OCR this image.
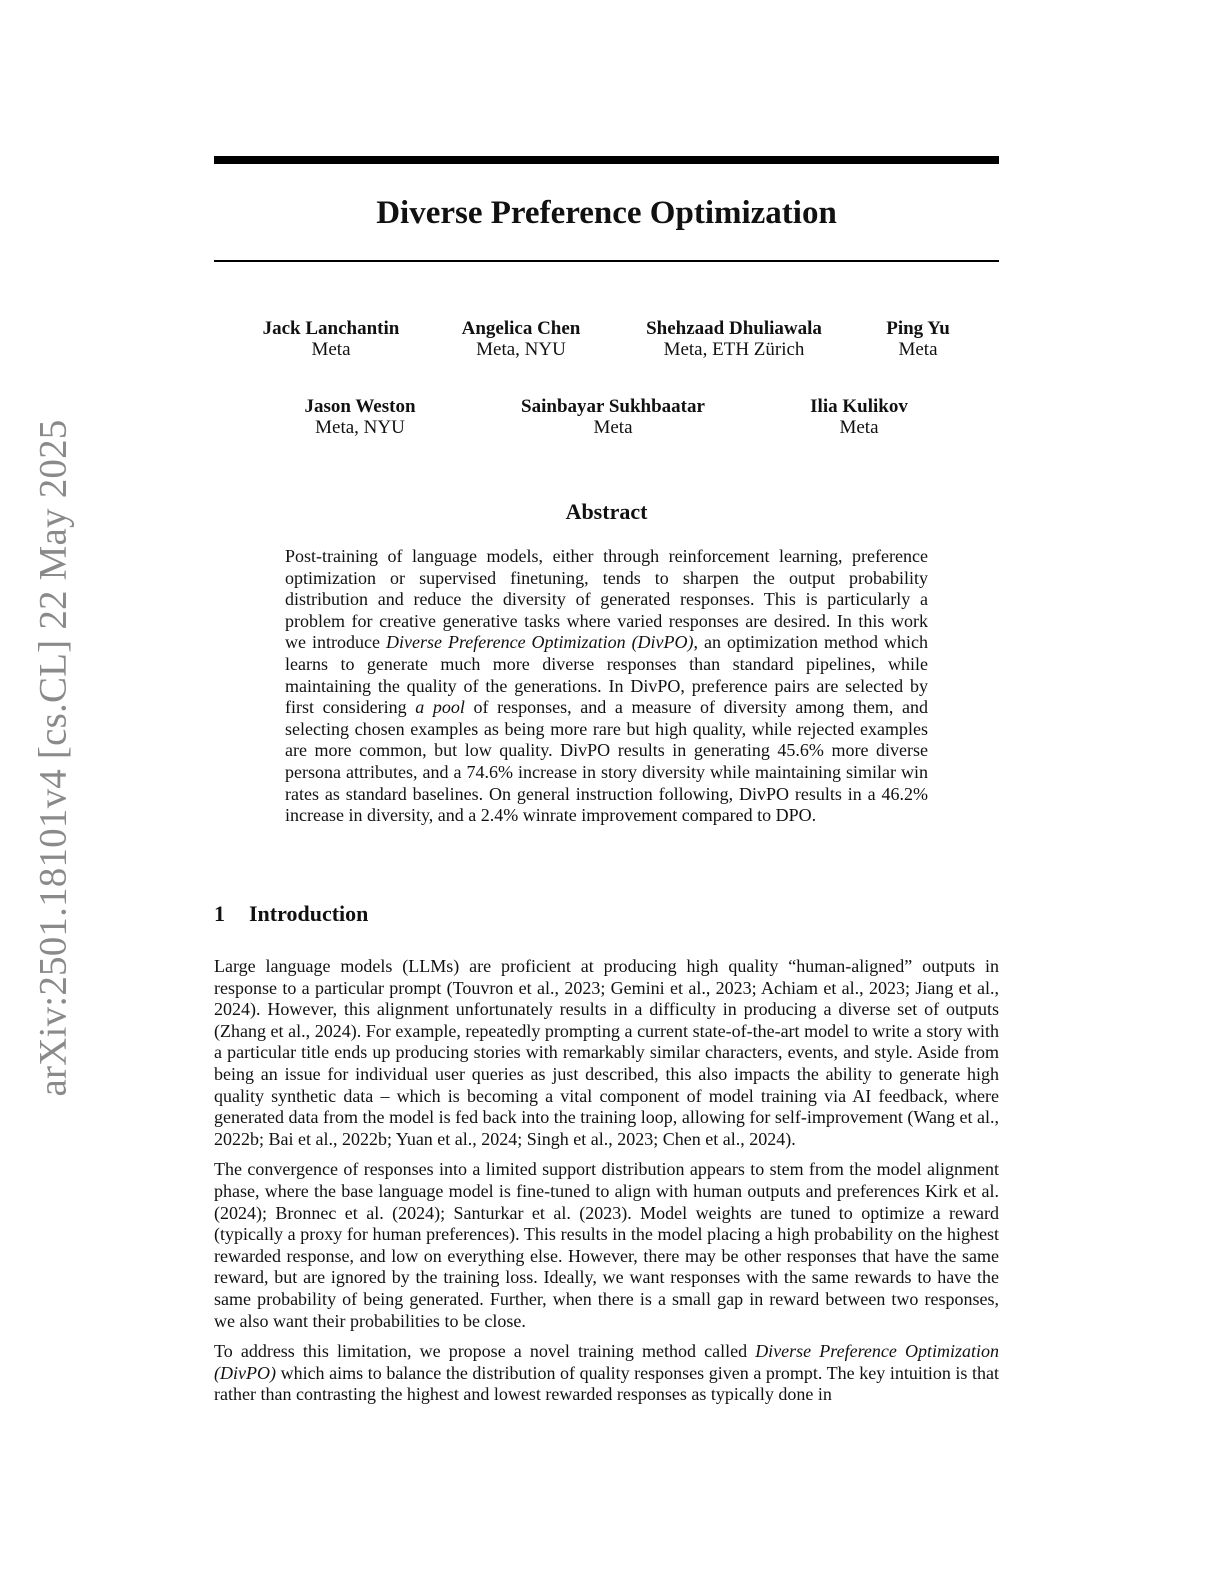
arXiv:2501.18101v4 [cs.CL] 22 May 2025
Diverse Preference Optimization
Jack Lanchantin
Meta
Angelica Chen
Meta, NYU
Shehzaad Dhuliawala
Meta, ETH Zürich
Ping Yu
Meta
Jason Weston
Meta, NYU
Sainbayar Sukhbaatar
Meta
Ilia Kulikov
Meta
Abstract
Post-training of language models, either through reinforcement learning, preference optimization or supervised finetuning, tends to sharpen the output probability distribution and reduce the diversity of generated responses. This is particularly a problem for creative generative tasks where varied responses are desired. In this work we introduce Diverse Preference Optimization (DivPO), an optimization method which learns to generate much more diverse responses than standard pipelines, while maintaining the quality of the generations. In DivPO, preference pairs are selected by first considering a pool of responses, and a measure of diversity among them, and selecting chosen examples as being more rare but high quality, while rejected examples are more common, but low quality. DivPO results in generating 45.6% more diverse persona attributes, and a 74.6% increase in story diversity while maintaining similar win rates as standard baselines. On general instruction following, DivPO results in a 46.2% increase in diversity, and a 2.4% winrate improvement compared to DPO.
1 Introduction

Large language models (LLMs) are proficient at producing high quality “human-aligned” outputs in response to a particular prompt (Touvron et al., 2023; Gemini et al., 2023; Achiam et al., 2023; Jiang et al., 2024). However, this alignment unfortunately results in a difficulty in producing a diverse set of outputs (Zhang et al., 2024). For example, repeatedly prompting a current state-of-the-art model to write a story with a particular title ends up producing stories with remarkably similar characters, events, and style. Aside from being an issue for individual user queries as just described, this also impacts the ability to generate high quality synthetic data – which is becoming a vital component of model training via AI feedback, where generated data from the model is fed back into the training loop, allowing for self-improvement (Wang et al., 2022b; Bai et al., 2022b; Yuan et al., 2024; Singh et al., 2023; Chen et al., 2024).

The convergence of responses into a limited support distribution appears to stem from the model alignment phase, where the base language model is fine-tuned to align with human outputs and preferences Kirk et al. (2024); Bronnec et al. (2024); Santurkar et al. (2023). Model weights are tuned to optimize a reward (typically a proxy for human preferences). This results in the model placing a high probability on the highest rewarded response, and low on everything else. However, there may be other responses that have the same reward, but are ignored by the training loss. Ideally, we want responses with the same rewards to have the same probability of being generated. Further, when there is a small gap in reward between two responses, we also want their probabilities to be close.

To address this limitation, we propose a novel training method called Diverse Preference Optimization (DivPO) which aims to balance the distribution of quality responses given a prompt. The key intuition is that rather than contrasting the highest and lowest rewarded responses as typically done in
